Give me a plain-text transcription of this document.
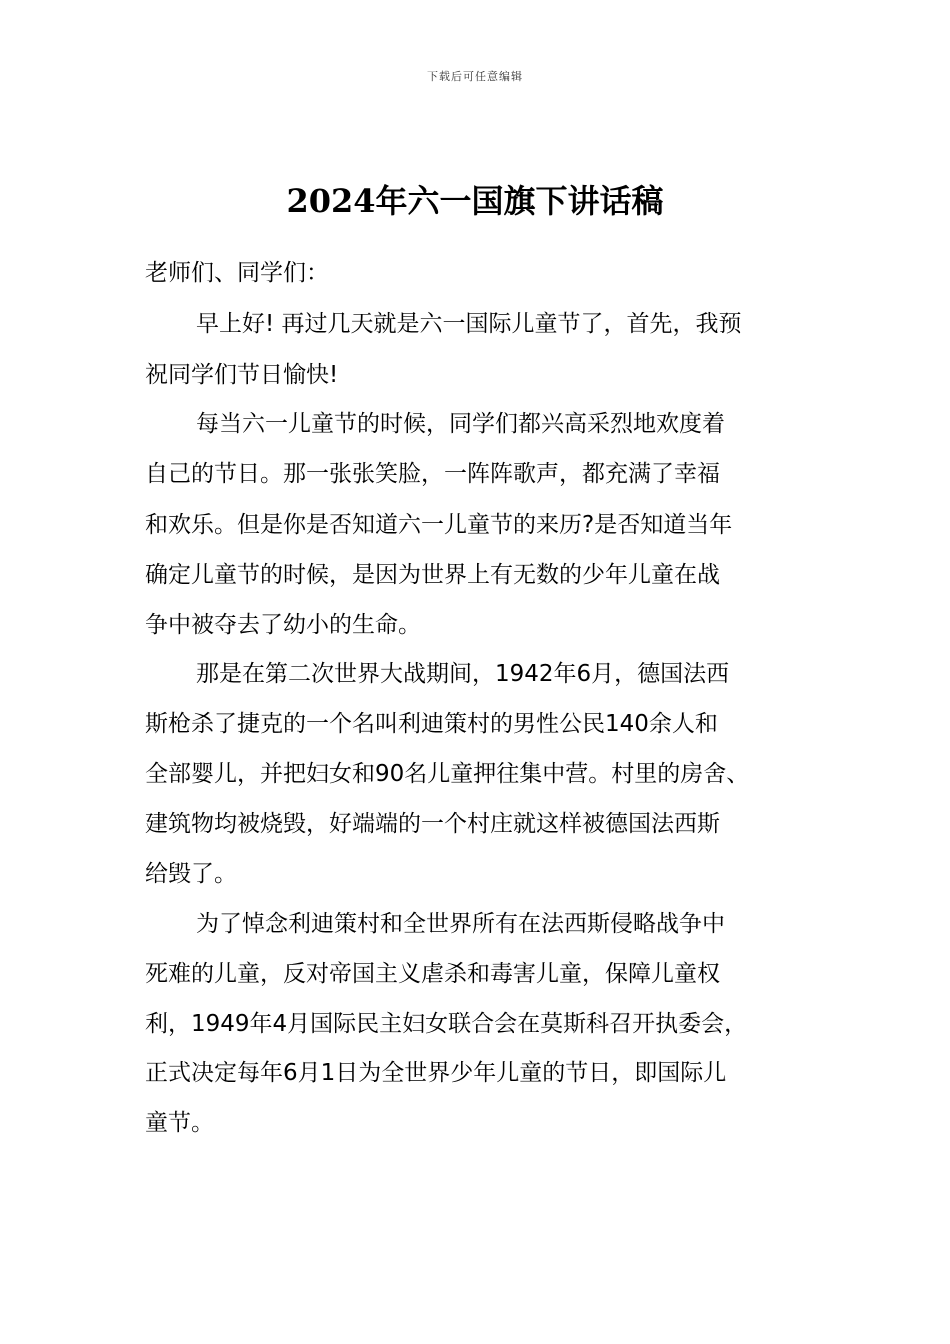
下载后可任意编辑
2024年六一国旗下讲话稿
老师们、同学们：
早上好! 再过几天就是六一国际儿童节了，首先，我预
祝同学们节日愉快!
每当六一儿童节的时候，同学们都兴高采烈地欢度着
自己的节日。那一张张笑脸，一阵阵歌声，都充满了幸福
和欢乐。但是你是否知道六一儿童节的来历?是否知道当年
确定儿童节的时候，是因为世界上有无数的少年儿童在战
争中被夺去了幼小的生命。
那是在第二次世界大战期间，1942年6月，德国法西
斯枪杀了捷克的一个名叫利迪策村的男性公民140余人和
全部婴儿，并把妇女和90名儿童押往集中营。村里的房舍、
建筑物均被烧毁，好端端的一个村庄就这样被德国法西斯
给毁了。
为了悼念利迪策村和全世界所有在法西斯侵略战争中
死难的儿童，反对帝国主义虐杀和毒害儿童，保障儿童权
利，1949年4月国际民主妇女联合会在莫斯科召开执委会，
正式决定每年6月1日为全世界少年儿童的节日，即国际儿
童节。
